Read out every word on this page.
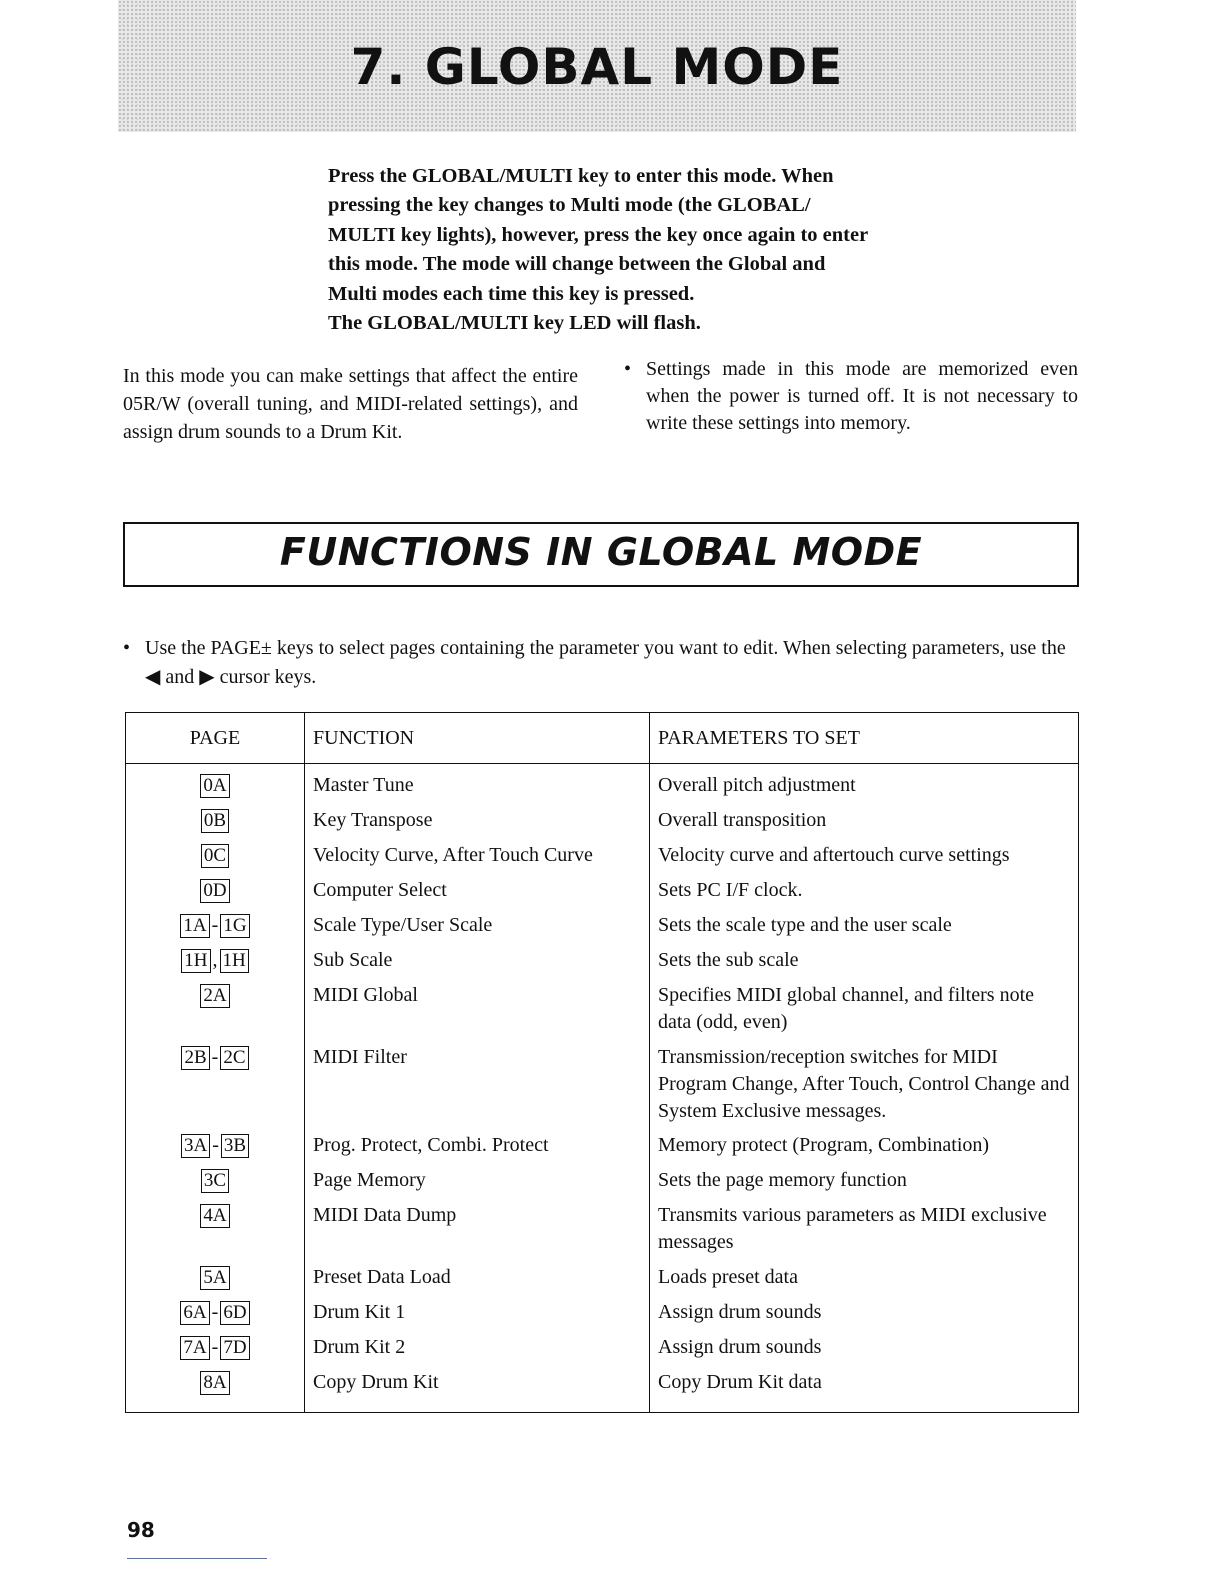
7. GLOBAL MODE

Press the GLOBAL/MULTI key to enter this mode. When pressing the key changes to Multi mode (the GLOBAL/ MULTI key lights), however, press the key once again to enter this mode. The mode will change between the Global and Multi modes each time this key is pressed.

The GLOBAL/MULTI key LED will flash.

In this mode you can make settings that affect the entire 05R/W (overall tuning, and MIDI-related settings), and assign drum sounds to a Drum Kit.
• Settings made in this mode are memorized even when the power is turned off. It is not necessary to write these settings into memory.
FUNCTIONS IN GLOBAL MODE
• Use the PAGE± keys to select pages containing the parameter you want to edit. When selecting parameters, use the ◀ and ▶ cursor keys.
PAGE	FUNCTION	PARAMETERS TO SET
0A	Master Tune	Overall pitch adjustment
0B	Key Transpose	Overall transposition
0C	Velocity Curve, After Touch Curve	Velocity curve and aftertouch curve settings
0D	Computer Select	Sets PC I/F clock.
1A - 1G	Scale Type/User Scale	Sets the scale type and the user scale
1H , 1H	Sub Scale	Sets the sub scale
2A	MIDI Global	Specifies MIDI global channel, and filters note data (odd, even)
2B - 2C	MIDI Filter	Transmission/reception switches for MIDI Program Change, After Touch, Control Change and System Exclusive messages.
3A - 3B	Prog. Protect, Combi. Protect	Memory protect (Program, Combination)
3C	Page Memory	Sets the page memory function
4A	MIDI Data Dump	Transmits various parameters as MIDI exclusive messages
5A	Preset Data Load	Loads preset data
6A - 6D	Drum Kit 1	Assign drum sounds
7A - 7D	Drum Kit 2	Assign drum sounds
8A	Copy Drum Kit	Copy Drum Kit data
98
